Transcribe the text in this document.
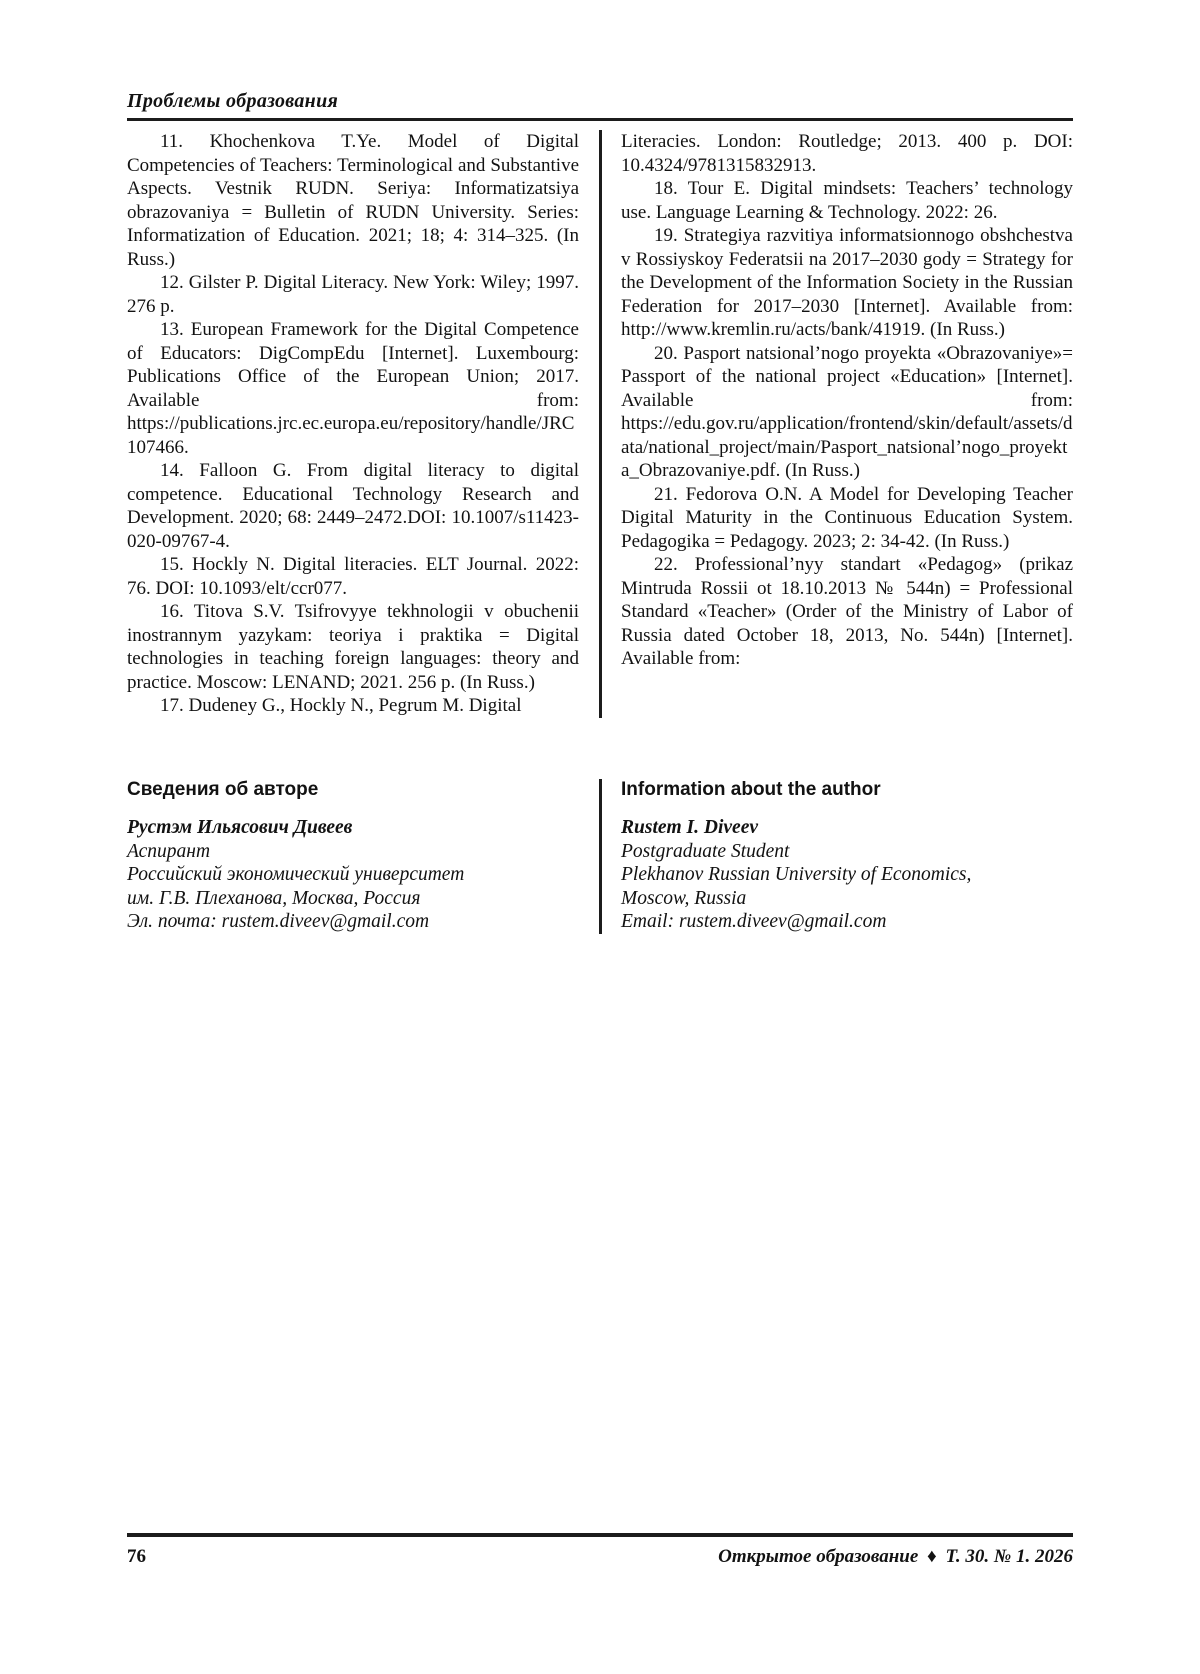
Проблемы образования

11. Khochenkova T.Ye. Model of Digital Competencies of Teachers: Terminological and Substantive Aspects. Vestnik RUDN. Seriya: Informatizatsiya obrazovaniya = Bulletin of RUDN University. Series: Informatization of Education. 2021; 18; 4: 314–325. (In Russ.)

12. Gilster P. Digital Literacy. New York: Wiley; 1997. 276 p.

13. European Framework for the Digital Competence of Educators: DigCompEdu [Internet]. Luxembourg: Publications Office of the European Union; 2017. Available from: https://publications.jrc.ec.europa.eu/repository/handle/JRC107466.

14. Falloon G. From digital literacy to digital competence. Educational Technology Research and Development. 2020; 68: 2449–2472.DOI: 10.1007/s11423-020-09767-4.

15. Hockly N. Digital literacies. ELT Journal. 2022: 76. DOI: 10.1093/elt/ccr077.

16. Titova S.V. Tsifrovyye tekhnologii v obuchenii inostrannym yazykam: teoriya i praktika = Digital technologies in teaching foreign languages: theory and practice. Moscow: LENAND; 2021. 256 p. (In Russ.)

17. Dudeney G., Hockly N., Pegrum M. Digital

Literacies. London: Routledge; 2013. 400 p. DOI: 10.4324/9781315832913.

18. Tour E. Digital mindsets: Teachers’ technology use. Language Learning & Technology. 2022: 26.

19. Strategiya razvitiya informatsionnogo obshchestva v Rossiyskoy Federatsii na 2017–2030 gody = Strategy for the Development of the Information Society in the Russian Federation for 2017–2030 [Internet]. Available from: http://www.kremlin.ru/acts/bank/41919. (In Russ.)

20. Pasport natsional’nogo proyekta «Obrazovaniye»= Passport of the national project «Education» [Internet]. Available from: https://edu.gov.ru/application/frontend/skin/default/assets/data/national_project/main/Pasport_natsional’nogo_proyekta_Obrazovaniye.pdf. (In Russ.)

21. Fedorova O.N. A Model for Developing Teacher Digital Maturity in the Continuous Education System. Pedagogika = Pedagogy. 2023; 2: 34-42. (In Russ.)

22. Professional’nyy standart «Pedagog» (prikaz Mintruda Rossii ot 18.10.2013 № 544n) = Professional Standard «Teacher» (Order of the Ministry of Labor of Russia dated October 18, 2013, No. 544n) [Internet]. Available from:

Сведения об авторе

Рустэм Ильясович Дивеев

Аспирант

Российский экономический университет

им. Г.В. Плеханова, Москва, Россия

Эл. почта: rustem.diveev@gmail.com

Information about the author

Rustem I. Diveev

Postgraduate Student

Plekhanov Russian University of Economics,

Moscow, Russia

Email: rustem.diveev@gmail.com

76	Открытое образование ♦ Т. 30. № 1. 2026
